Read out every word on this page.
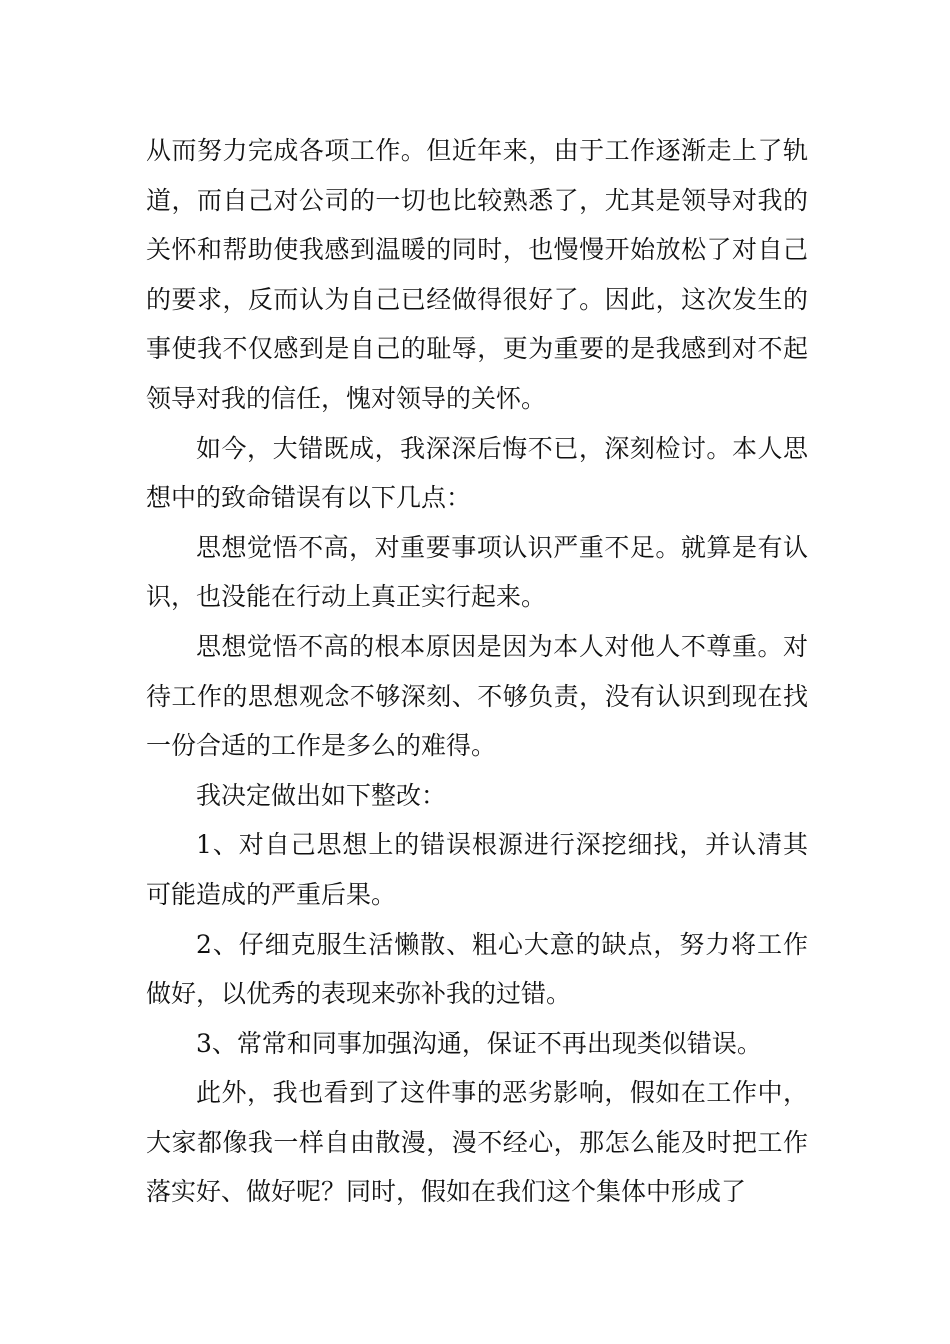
从而努力完成各项工作。但近年来，由于工作逐渐走上了轨道，而自己对公司的一切也比较熟悉了，尤其是领导对我的关怀和帮助使我感到温暖的同时，也慢慢开始放松了对自己的要求，反而认为自己已经做得很好了。因此，这次发生的事使我不仅感到是自己的耻辱，更为重要的是我感到对不起领导对我的信任，愧对领导的关怀。

如今，大错既成，我深深后悔不已，深刻检讨。本人思想中的致命错误有以下几点：

思想觉悟不高，对重要事项认识严重不足。就算是有认识，也没能在行动上真正实行起来。

思想觉悟不高的根本原因是因为本人对他人不尊重。对待工作的思想观念不够深刻、不够负责，没有认识到现在找一份合适的工作是多么的难得。

我决定做出如下整改：

1、对自己思想上的错误根源进行深挖细找，并认清其可能造成的严重后果。

2、仔细克服生活懒散、粗心大意的缺点，努力将工作做好，以优秀的表现来弥补我的过错。

3、常常和同事加强沟通，保证不再出现类似错误。

此外，我也看到了这件事的恶劣影响，假如在工作中，大家都像我一样自由散漫，漫不经心，那怎么能及时把工作落实好、做好呢？同时，假如在我们这个集体中形成了
